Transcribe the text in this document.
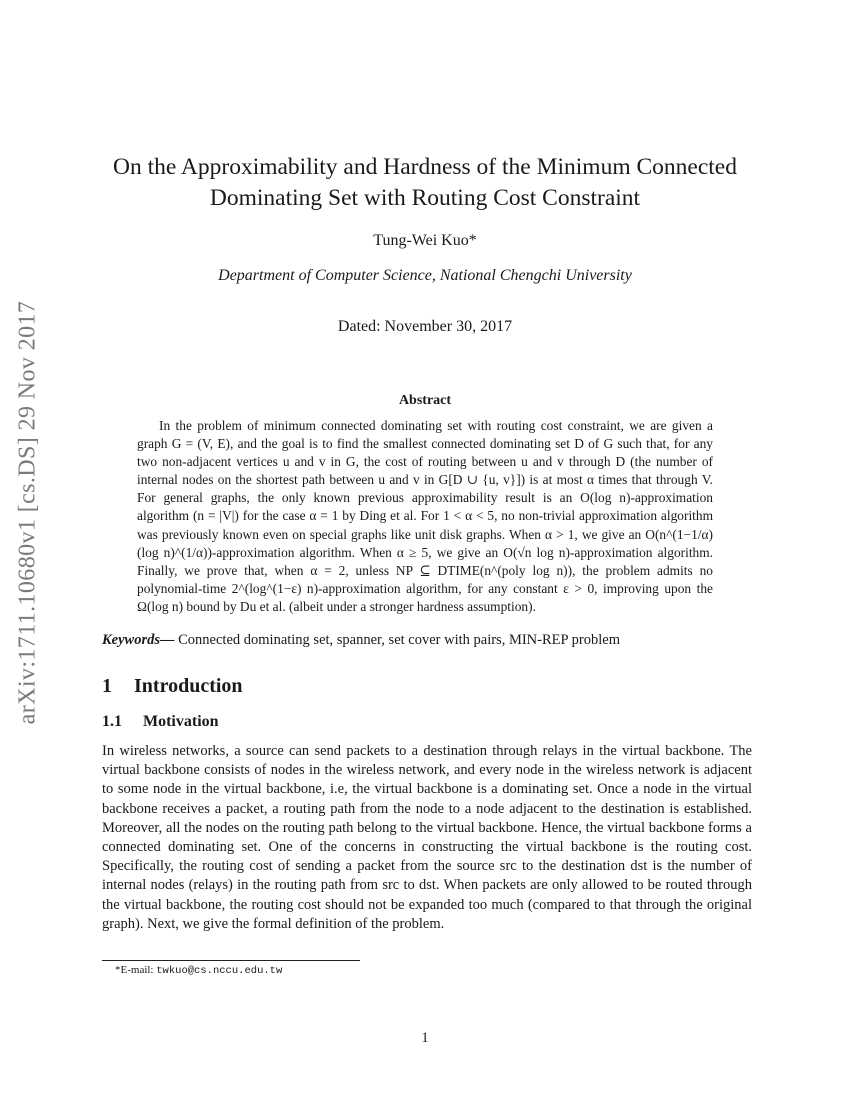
arXiv:1711.10680v1 [cs.DS] 29 Nov 2017
On the Approximability and Hardness of the Minimum Connected Dominating Set with Routing Cost Constraint
Tung-Wei Kuo*
Department of Computer Science, National Chengchi University
Dated: November 30, 2017
Abstract
In the problem of minimum connected dominating set with routing cost constraint, we are given a graph G = (V, E), and the goal is to find the smallest connected dominating set D of G such that, for any two non-adjacent vertices u and v in G, the cost of routing between u and v through D (the number of internal nodes on the shortest path between u and v in G[D ∪ {u, v}]) is at most α times that through V. For general graphs, the only known previous approximability result is an O(log n)-approximation algorithm (n = |V|) for the case α = 1 by Ding et al. For 1 < α < 5, no non-trivial approximation algorithm was previously known even on special graphs like unit disk graphs. When α > 1, we give an O(n^(1−1/α)(log n)^(1/α))-approximation algorithm. When α ≥ 5, we give an O(√n log n)-approximation algorithm. Finally, we prove that, when α = 2, unless NP ⊆ DTIME(n^(poly log n)), the problem admits no polynomial-time 2^(log^(1−ε) n)-approximation algorithm, for any constant ε > 0, improving upon the Ω(log n) bound by Du et al. (albeit under a stronger hardness assumption).
Keywords— Connected dominating set, spanner, set cover with pairs, MIN-REP problem
1 Introduction
1.1 Motivation
In wireless networks, a source can send packets to a destination through relays in the virtual backbone. The virtual backbone consists of nodes in the wireless network, and every node in the wireless network is adjacent to some node in the virtual backbone, i.e, the virtual backbone is a dominating set. Once a node in the virtual backbone receives a packet, a routing path from the node to a node adjacent to the destination is established. Moreover, all the nodes on the routing path belong to the virtual backbone. Hence, the virtual backbone forms a connected dominating set. One of the concerns in constructing the virtual backbone is the routing cost. Specifically, the routing cost of sending a packet from the source src to the destination dst is the number of internal nodes (relays) in the routing path from src to dst. When packets are only allowed to be routed through the virtual backbone, the routing cost should not be expanded too much (compared to that through the original graph). Next, we give the formal definition of the problem.
*E-mail: twkuo@cs.nccu.edu.tw
1
